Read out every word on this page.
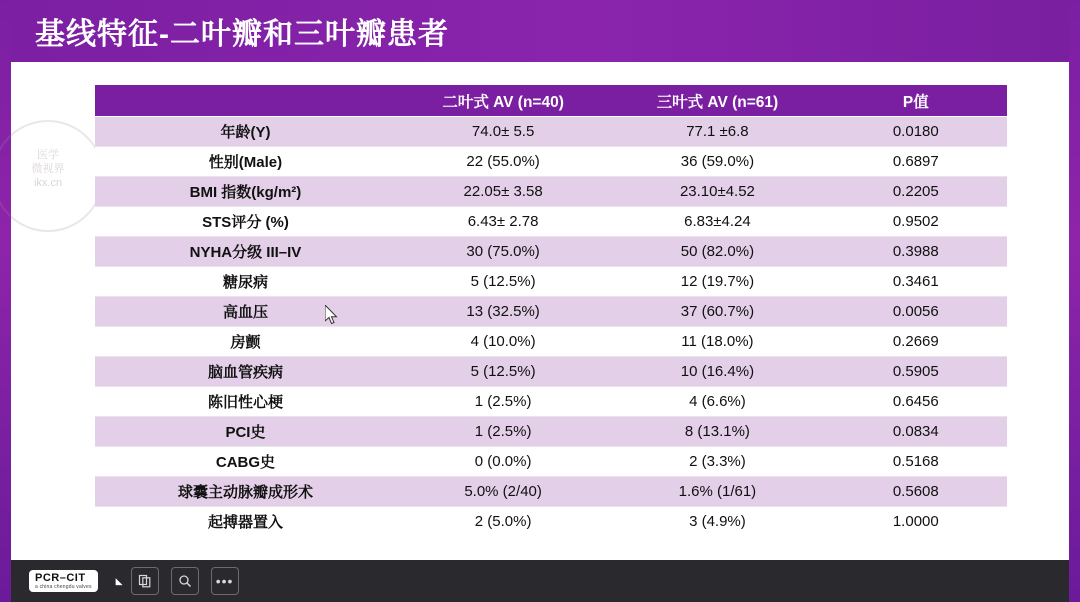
基线特征-二叶瓣和三叶瓣患者
医学
微视界
ikx.cn
	二叶式 AV (n=40)	三叶式 AV (n=61)	P值
年龄(Y)	74.0± 5.5	77.1 ±6.8	0.0180
性别(Male)	22 (55.0%)	36 (59.0%)	0.6897
BMI 指数(kg/m²)	22.05± 3.58	23.10±4.52	0.2205
STS评分 (%)	6.43± 2.78	6.83±4.24	0.9502
NYHA分级 III–IV	30 (75.0%)	50 (82.0%)	0.3988
糖尿病	5 (12.5%)	12 (19.7%)	0.3461
高血压	13 (32.5%)	37 (60.7%)	0.0056
房颤	4 (10.0%)	11 (18.0%)	0.2669
脑血管疾病	5 (12.5%)	10 (16.4%)	0.5905
陈旧性心梗	1 (2.5%)	4 (6.6%)	0.6456
PCI史	1 (2.5%)	8 (13.1%)	0.0834
CABG史	0 (0.0%)	2 (3.3%)	0.5168
球囊主动脉瓣成形术	5.0% (2/40)	1.6% (1/61)	0.5608
起搏器置入	2 (5.0%)	3 (4.9%)	1.0000
PCR–CIT
a china chengdu valves
◣	•••
